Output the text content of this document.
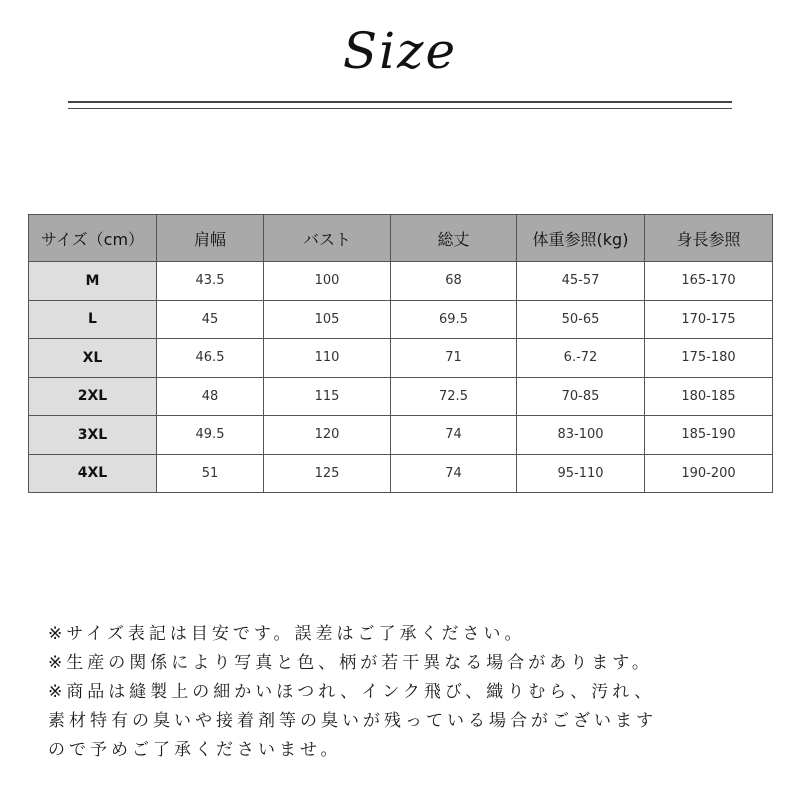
Size
サイズ（cm）	肩幅	バスト	総丈	体重参照(kg)	身長参照
M	43.5	100	68	45-57	165-170
L	45	105	69.5	50-65	170-175
XL	46.5	110	71	6.-72	175-180
2XL	48	115	72.5	70-85	180-185
3XL	49.5	120	74	83-100	185-190
4XL	51	125	74	95-110	190-200
※サイズ表記は目安です。誤差はご了承ください。
※生産の関係により写真と色、柄が若干異なる場合があります。
※商品は縫製上の細かいほつれ、インク飛び、織りむら、汚れ、
素材特有の臭いや接着剤等の臭いが残っている場合がございます
ので予めご了承くださいませ。
